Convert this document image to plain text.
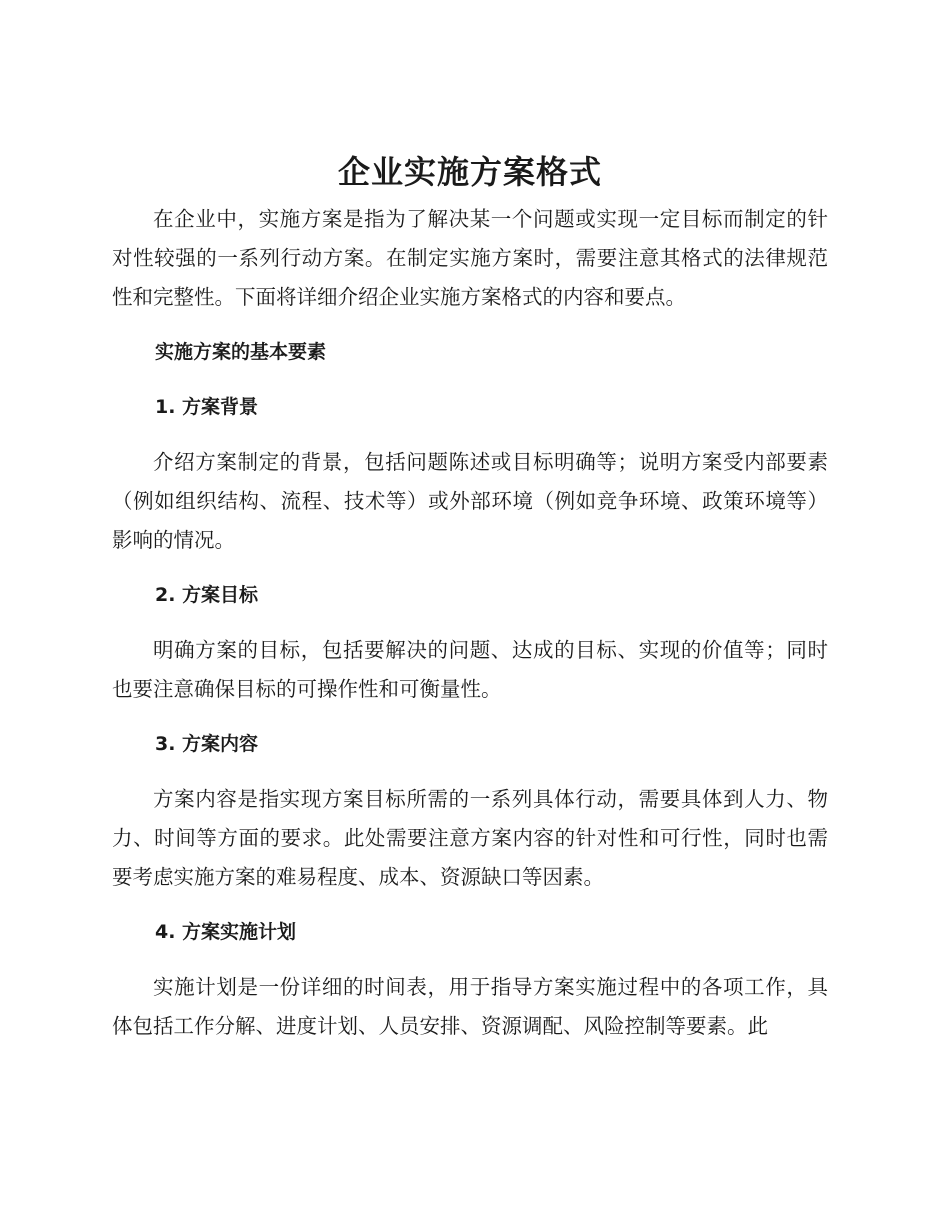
企业实施方案格式

在企业中，实施方案是指为了解决某一个问题或实现一定目标而制定的针对性较强的一系列行动方案。在制定实施方案时，需要注意其格式的法律规范性和完整性。下面将详细介绍企业实施方案格式的内容和要点。

实施方案的基本要素
1. 方案背景

介绍方案制定的背景，包括问题陈述或目标明确等；说明方案受内部要素（例如组织结构、流程、技术等）或外部环境（例如竞争环境、政策环境等）影响的情况。

2. 方案目标

明确方案的目标，包括要解决的问题、达成的目标、实现的价值等；同时也要注意确保目标的可操作性和可衡量性。

3. 方案内容

方案内容是指实现方案目标所需的一系列具体行动，需要具体到人力、物力、时间等方面的要求。此处需要注意方案内容的针对性和可行性，同时也需要考虑实施方案的难易程度、成本、资源缺口等因素。

4. 方案实施计划

实施计划是一份详细的时间表，用于指导方案实施过程中的各项工作，具体包括工作分解、进度计划、人员安排、资源调配、风险控制等要素。此
